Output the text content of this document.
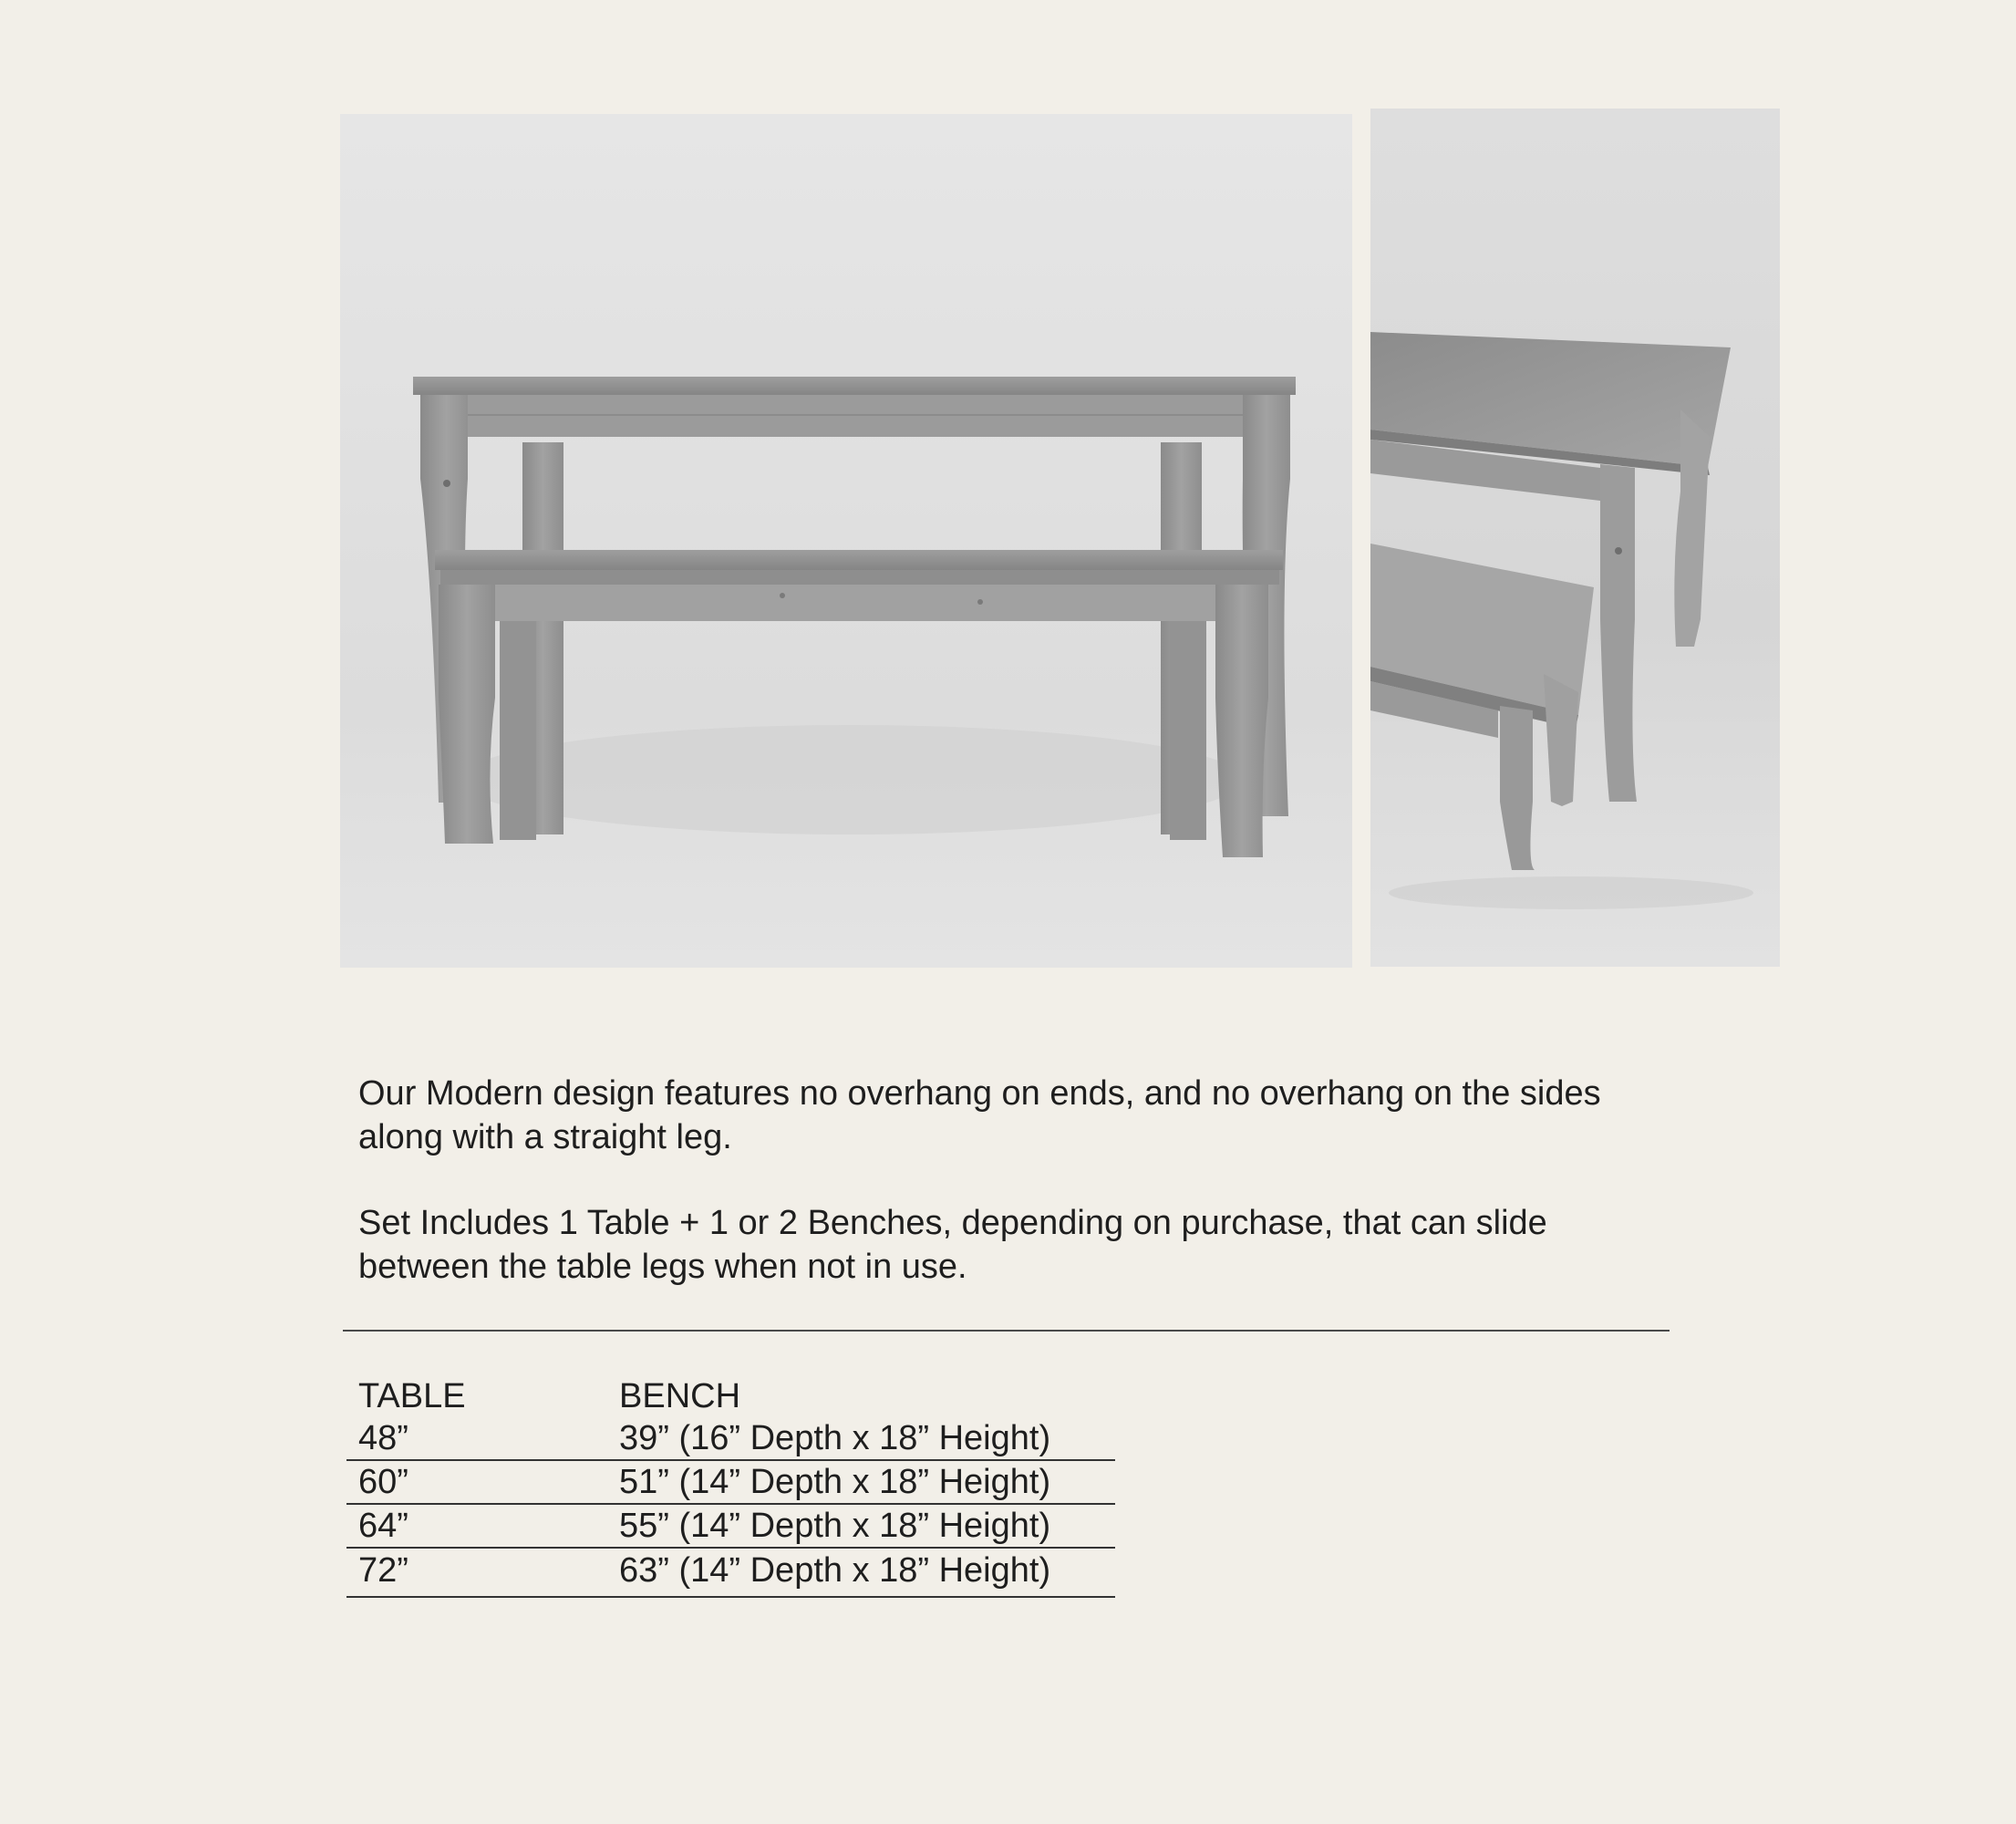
Our Modern design features no overhang on ends, and no overhang on the sides along with a straight leg.

Set Includes 1 Table + 1 or 2 Benches, depending on purchase, that can slide between the table legs when not in use.

TABLE	BENCH
48”	39” (16” Depth x 18” Height)
60”	51” (14” Depth x 18” Height)
64”	55” (14” Depth x 18” Height)
72”	63” (14” Depth x 18” Height)
